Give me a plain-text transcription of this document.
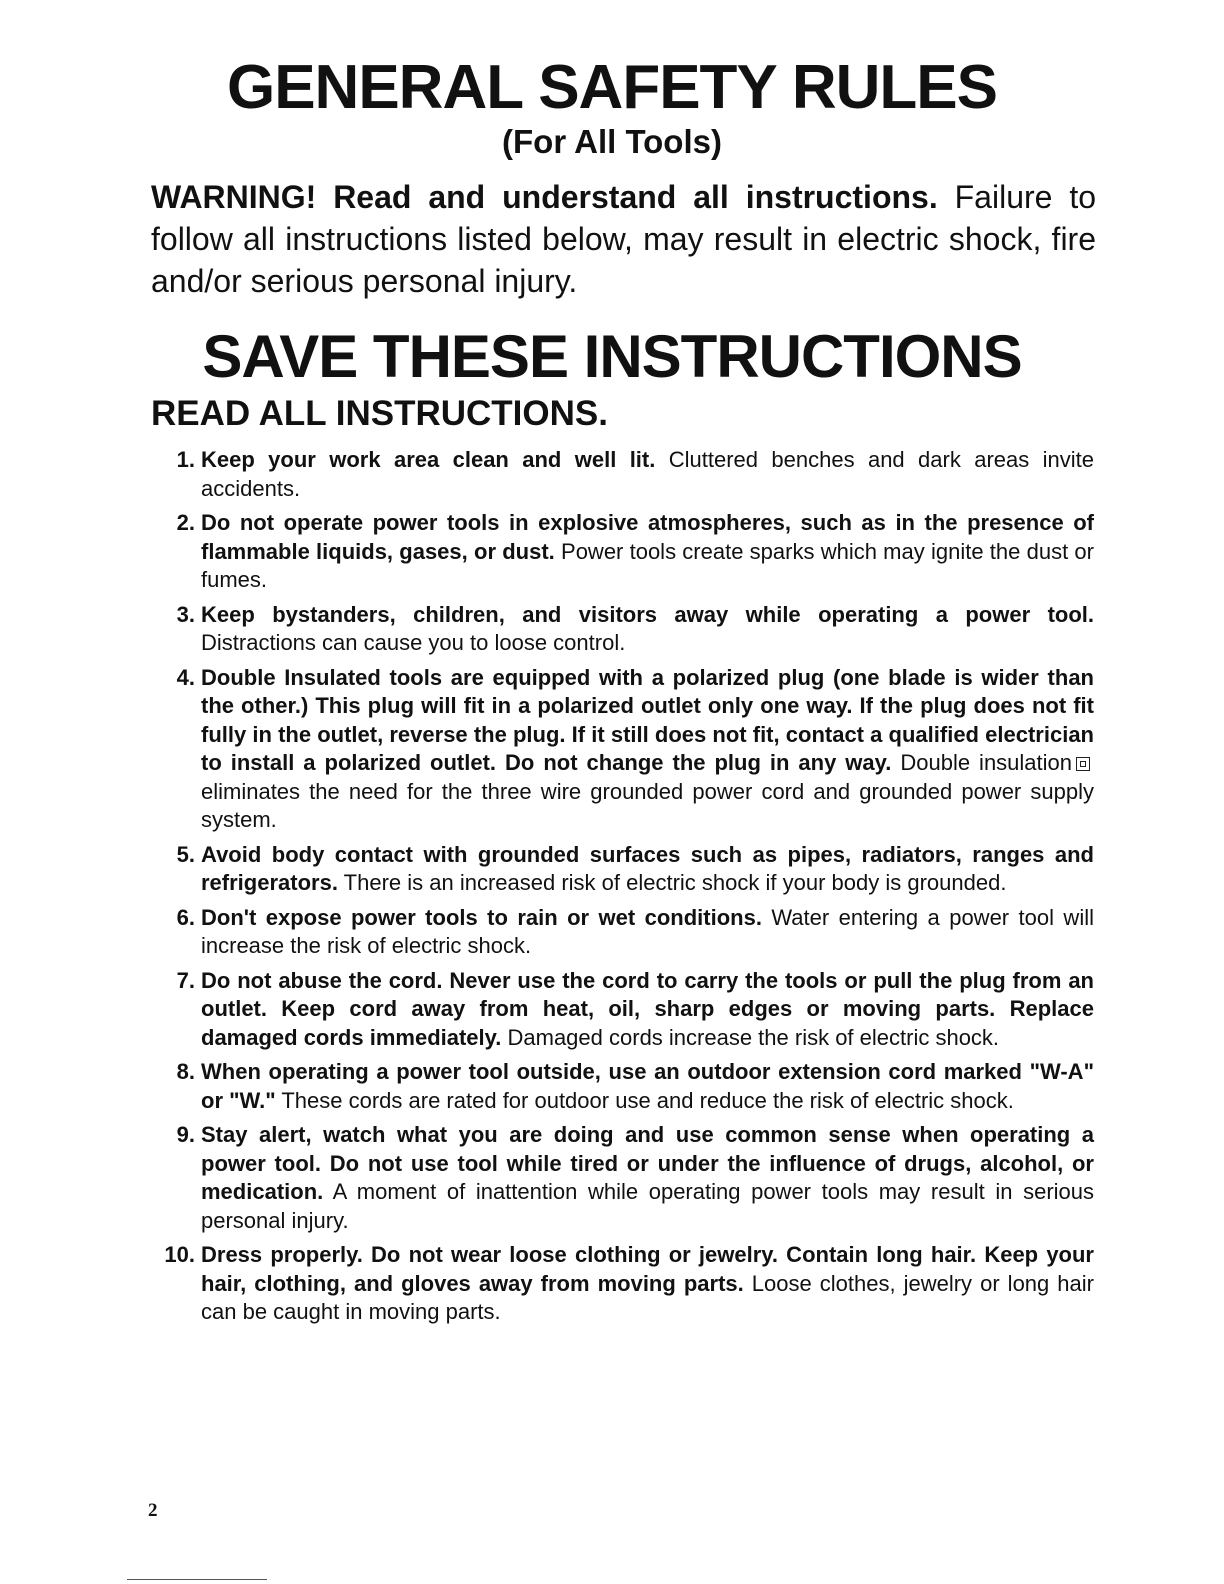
GENERAL SAFETY RULES
(For All Tools)

WARNING! Read and understand all instructions. Failure to follow all instructions listed below, may result in electric shock, fire and/or serious personal injury.

SAVE THESE INSTRUCTIONS
READ ALL INSTRUCTIONS.
1. Keep your work area clean and well lit. Cluttered benches and dark areas invite accidents.
2. Do not operate power tools in explosive atmospheres, such as in the presence of flammable liquids, gases, or dust. Power tools create sparks which may ignite the dust or fumes.
3. Keep bystanders, children, and visitors away while operating a power tool. Distractions can cause you to loose control.
4. Double Insulated tools are equipped with a polarized plug (one blade is wider than the other.) This plug will fit in a polarized outlet only one way. If the plug does not fit fully in the outlet, reverse the plug. If it still does not fit, contact a qualified electrician to install a polarized outlet. Do not change the plug in any way. Double insulationeliminates the need for the three wire grounded power cord and grounded power supply system.
5. Avoid body contact with grounded surfaces such as pipes, radiators, ranges and refrigerators. There is an increased risk of electric shock if your body is grounded.
6. Don't expose power tools to rain or wet conditions. Water entering a power tool will increase the risk of electric shock.
7. Do not abuse the cord. Never use the cord to carry the tools or pull the plug from an outlet. Keep cord away from heat, oil, sharp edges or moving parts. Replace damaged cords immediately. Damaged cords increase the risk of electric shock.
8. When operating a power tool outside, use an outdoor extension cord marked "W-A" or "W." These cords are rated for outdoor use and reduce the risk of electric shock.
9. Stay alert, watch what you are doing and use common sense when operating a power tool. Do not use tool while tired or under the influence of drugs, alcohol, or medication. A moment of inattention while operating power tools may result in serious personal injury.
10. Dress properly. Do not wear loose clothing or jewelry. Contain long hair. Keep your hair, clothing, and gloves away from moving parts. Loose clothes, jewelry or long hair can be caught in moving parts.

2
